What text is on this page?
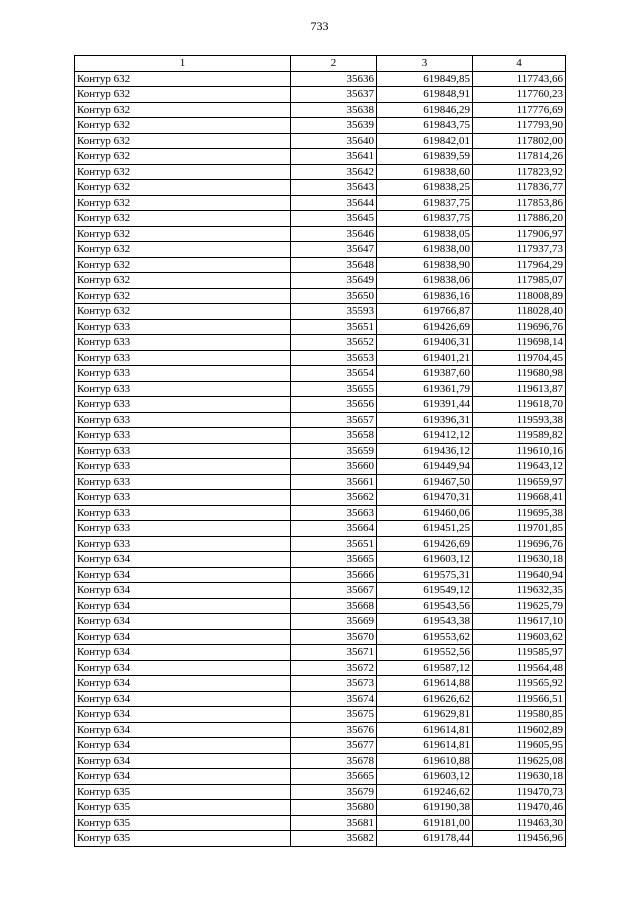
733
1	2	3	4
Контур 632	35636	619849,85	117743,66
Контур 632	35637	619848,91	117760,23
Контур 632	35638	619846,29	117776,69
Контур 632	35639	619843,75	117793,90
Контур 632	35640	619842,01	117802,00
Контур 632	35641	619839,59	117814,26
Контур 632	35642	619838,60	117823,92
Контур 632	35643	619838,25	117836,77
Контур 632	35644	619837,75	117853,86
Контур 632	35645	619837,75	117886,20
Контур 632	35646	619838,05	117906,97
Контур 632	35647	619838,00	117937,73
Контур 632	35648	619838,90	117964,29
Контур 632	35649	619838,06	117985,07
Контур 632	35650	619836,16	118008,89
Контур 632	35593	619766,87	118028,40
Контур 633	35651	619426,69	119696,76
Контур 633	35652	619406,31	119698,14
Контур 633	35653	619401,21	119704,45
Контур 633	35654	619387,60	119680,98
Контур 633	35655	619361,79	119613,87
Контур 633	35656	619391,44	119618,70
Контур 633	35657	619396,31	119593,38
Контур 633	35658	619412,12	119589,82
Контур 633	35659	619436,12	119610,16
Контур 633	35660	619449,94	119643,12
Контур 633	35661	619467,50	119659,97
Контур 633	35662	619470,31	119668,41
Контур 633	35663	619460,06	119695,38
Контур 633	35664	619451,25	119701,85
Контур 633	35651	619426,69	119696,76
Контур 634	35665	619603,12	119630,18
Контур 634	35666	619575,31	119640,94
Контур 634	35667	619549,12	119632,35
Контур 634	35668	619543,56	119625,79
Контур 634	35669	619543,38	119617,10
Контур 634	35670	619553,62	119603,62
Контур 634	35671	619552,56	119585,97
Контур 634	35672	619587,12	119564,48
Контур 634	35673	619614,88	119565,92
Контур 634	35674	619626,62	119566,51
Контур 634	35675	619629,81	119580,85
Контур 634	35676	619614,81	119602,89
Контур 634	35677	619614,81	119605,95
Контур 634	35678	619610,88	119625,08
Контур 634	35665	619603,12	119630,18
Контур 635	35679	619246,62	119470,73
Контур 635	35680	619190,38	119470,46
Контур 635	35681	619181,00	119463,30
Контур 635	35682	619178,44	119456,96
